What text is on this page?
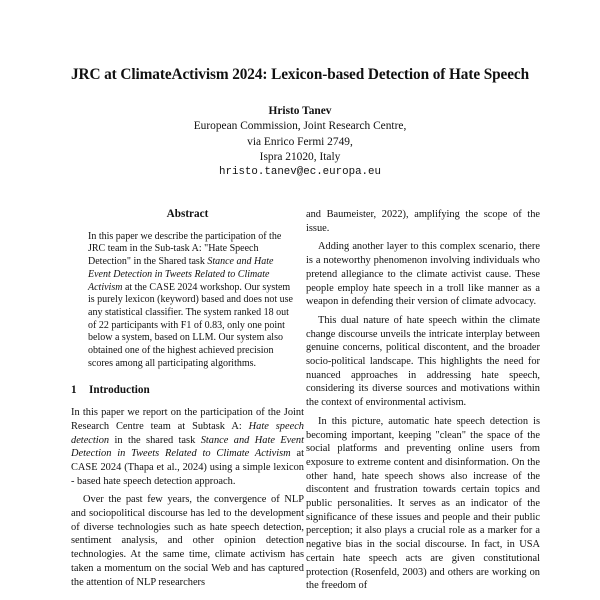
JRC at ClimateActivism 2024: Lexicon-based Detection of Hate Speech
Hristo Tanev
European Commission, Joint Research Centre,
via Enrico Fermi 2749,
Ispra 21020, Italy
hristo.tanev@ec.europa.eu
Abstract

In this paper we describe the participation of the JRC team in the Sub-task A: "Hate Speech Detection" in the Shared task Stance and Hate Event Detection in Tweets Related to Climate Activism at the CASE 2024 workshop. Our system is purely lexicon (keyword) based and does not use any statistical classifier. The system ranked 18 out of 22 participants with F1 of 0.83, only one point below a system, based on LLM. Our system also obtained one of the highest achieved precision scores among all participating algorithms.

1 Introduction

In this paper we report on the participation of the Joint Research Centre team at Subtask A: Hate speech detection in the shared task Stance and Hate Event Detection in Tweets Related to Climate Activism at CASE 2024 (Thapa et al., 2024) using a simple lexicon - based hate speech detection approach.

Over the past few years, the convergence of NLP and sociopolitical discourse has led to the development of diverse technologies such as hate speech detection, sentiment analysis, and other opinion detection technologies. At the same time, climate activism has taken a momentum on the social Web and has captured the attention of NLP researchers

and Baumeister, 2022), amplifying the scope of the issue.

Adding another layer to this complex scenario, there is a noteworthy phenomenon involving individuals who pretend allegiance to the climate activist cause. These people employ hate speech in a troll like manner as a weapon in defending their version of climate advocacy.

This dual nature of hate speech within the climate change discourse unveils the intricate interplay between genuine concerns, political discontent, and the broader socio-political landscape. This highlights the need for nuanced approaches in addressing hate speech, considering its diverse sources and motivations within the context of environmental activism.

In this picture, automatic hate speech detection is becoming important, keeping "clean" the space of the social platforms and preventing online users from exposure to extreme content and disinformation. On the other hand, hate speech shows also increase of the discontent and frustration towards certain topics and public personalities. It serves as an indicator of the significance of these issues and people and their public perception; it also plays a crucial role as a marker for a negative bias in the social discourse. In fact, in USA certain hate speech acts are given constitutional protection (Rosenfeld, 2003) and others are working on the freedom of
